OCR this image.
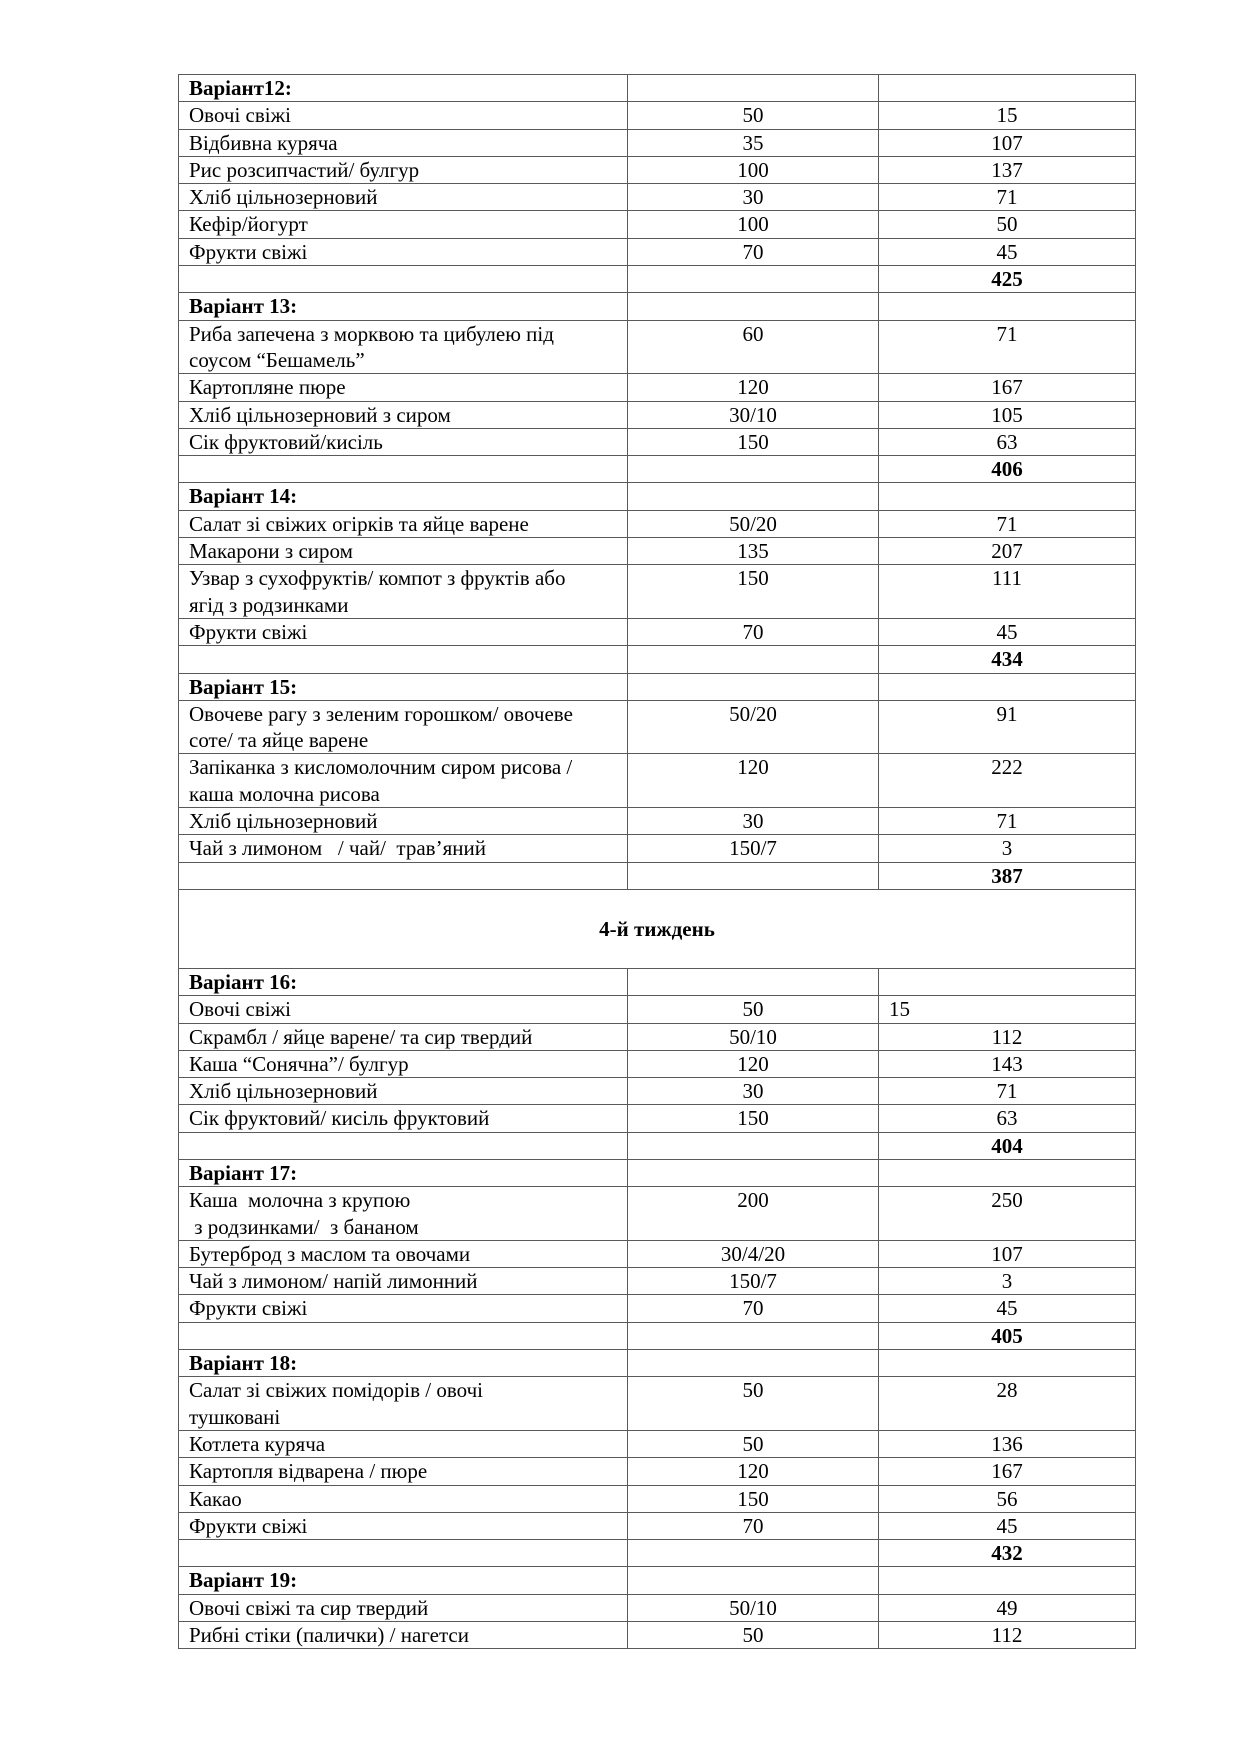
Варіант12:		
Овочі свіжі	50	15
Відбивна куряча	35	107
Рис розсипчастий/ булгур	100	137
Хліб цільнозерновий	30	71
Кефір/йогурт	100	50
Фрукти свіжі	70	45
		425
Варіант 13:		

Риба запечена з морквою та цибулею під
соусом “Бешамель”	60	71
Картопляне пюре	120	167
Хліб цільнозерновий з сиром	30/10	105
Сік фруктовий/кисіль	150	63
		406
Варіант 14:		
Салат зі свіжих огірків та яйце варене	50/20	71
Макарони з сиром	135	207

Узвар з сухофруктів/ компот з фруктів або
ягід з родзинками	150	111
Фрукти свіжі	70	45
		434
Варіант 15:		

Овочеве рагу з зеленим горошком/ овочеве
соте/ та яйце варене	50/20	91

Запіканка з кисломолочним сиром рисова /
каша молочна рисова	120	222
Хліб цільнозерновий	30	71
Чай з лимоном   / чай/  трав’яний	150/7	3
		387
4-й тиждень		
Варіант 16:		
Овочі свіжі	50	15
Скрамбл / яйце варене/ та сир твердий	50/10	112
Каша “Сонячна”/ булгур	120	143
Хліб цільнозерновий	30	71
Сік фруктовий/ кисіль фруктовий	150	63
		404
Варіант 17:		

Каша  молочна з крупою
з родзинками/  з бананом	200	250
Бутерброд з маслом та овочами	30/4/20	107
Чай з лимоном/ напій лимонний	150/7	3
Фрукти свіжі	70	45
		405
Варіант 18:		

Салат зі свіжих помідорів / овочі
тушковані	50	28
Котлета куряча	50	136
Картопля відварена / пюре	120	167
Какао	150	56
Фрукти свіжі	70	45
		432
Варіант 19:		
Овочі свіжі та сир твердий	50/10	49
Рибні стіки (палички) / нагетси	50	112
